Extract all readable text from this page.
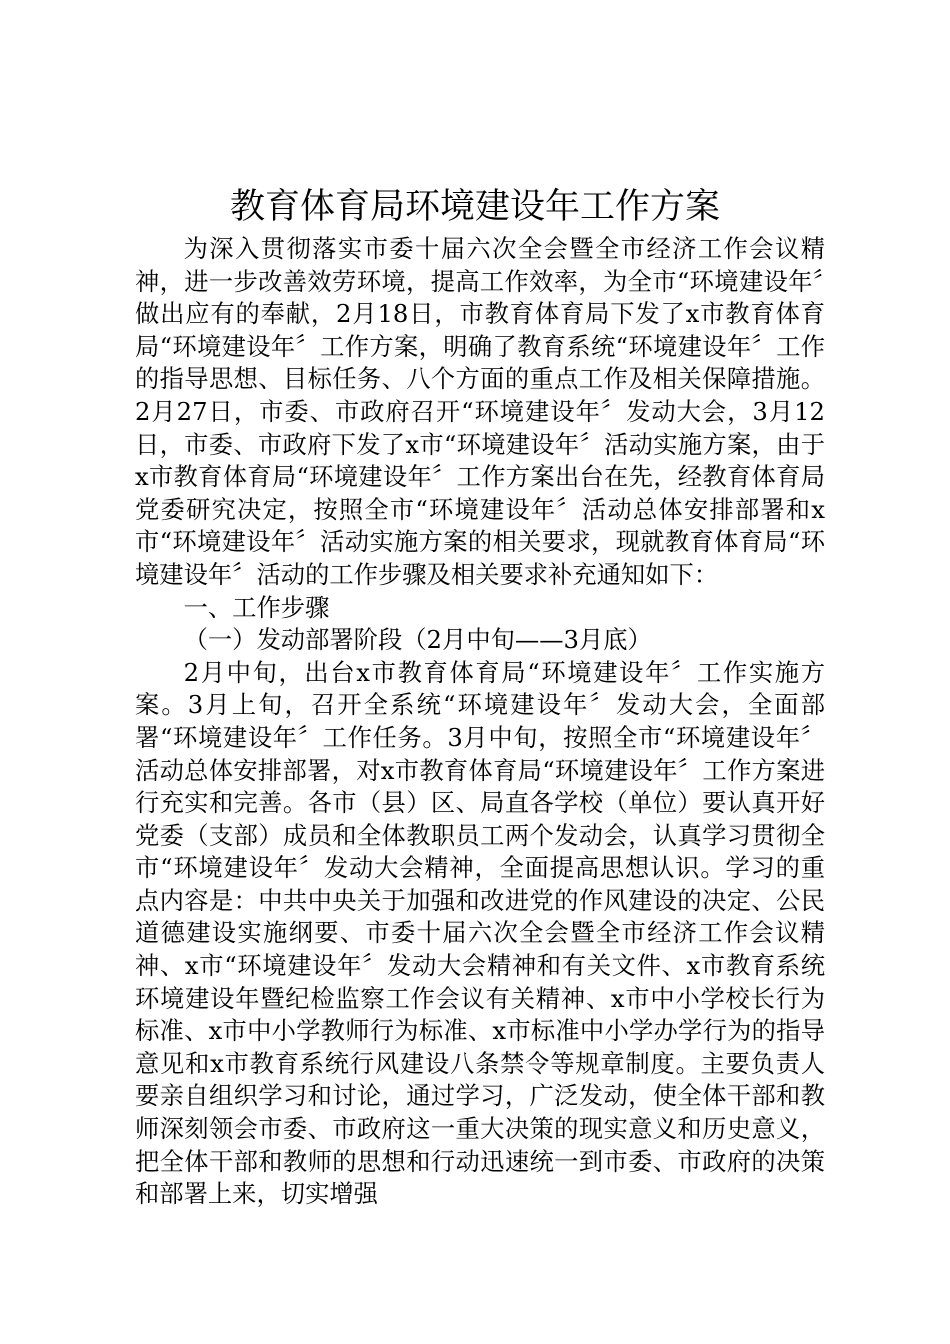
教育体育局环境建设年工作方案

为深入贯彻落实市委十届六次全会暨全市经济工作会议精神，进一步改善效劳环境，提高工作效率，为全市“环境建设年〞做出应有的奉献，2月18日，市教育体育局下发了x市教育体育局“环境建设年〞工作方案，明确了教育系统“环境建设年〞工作的指导思想、目标任务、八个方面的重点工作及相关保障措施。2月27日，市委、市政府召开“环境建设年〞发动大会，3月12日，市委、市政府下发了x市“环境建设年〞活动实施方案，由于x市教育体育局“环境建设年〞工作方案出台在先，经教育体育局党委研究决定，按照全市“环境建设年〞活动总体安排部署和x市“环境建设年〞活动实施方案的相关要求，现就教育体育局“环境建设年〞活动的工作步骤及相关要求补充通知如下：

一、工作步骤

（一）发动部署阶段（2月中旬——3月底）

2月中旬，出台x市教育体育局“环境建设年〞工作实施方案。3月上旬，召开全系统“环境建设年〞发动大会，全面部署“环境建设年〞工作任务。3月中旬，按照全市“环境建设年〞活动总体安排部署，对x市教育体育局“环境建设年〞工作方案进行充实和完善。各市（县）区、局直各学校（单位）要认真开好党委（支部）成员和全体教职员工两个发动会，认真学习贯彻全市“环境建设年〞发动大会精神，全面提高思想认识。学习的重点内容是：中共中央关于加强和改进党的作风建设的决定、公民道德建设实施纲要、市委十届六次全会暨全市经济工作会议精神、x市“环境建设年〞发动大会精神和有关文件、x市教育系统环境建设年暨纪检监察工作会议有关精神、x市中小学校长行为标准、x市中小学教师行为标准、x市标准中小学办学行为的指导意见和x市教育系统行风建设八条禁令等规章制度。主要负责人要亲自组织学习和讨论，通过学习，广泛发动，使全体干部和教师深刻领会市委、市政府这一重大决策的现实意义和历史意义，把全体干部和教师的思想和行动迅速统一到市委、市政府的决策和部署上来，切实增强
